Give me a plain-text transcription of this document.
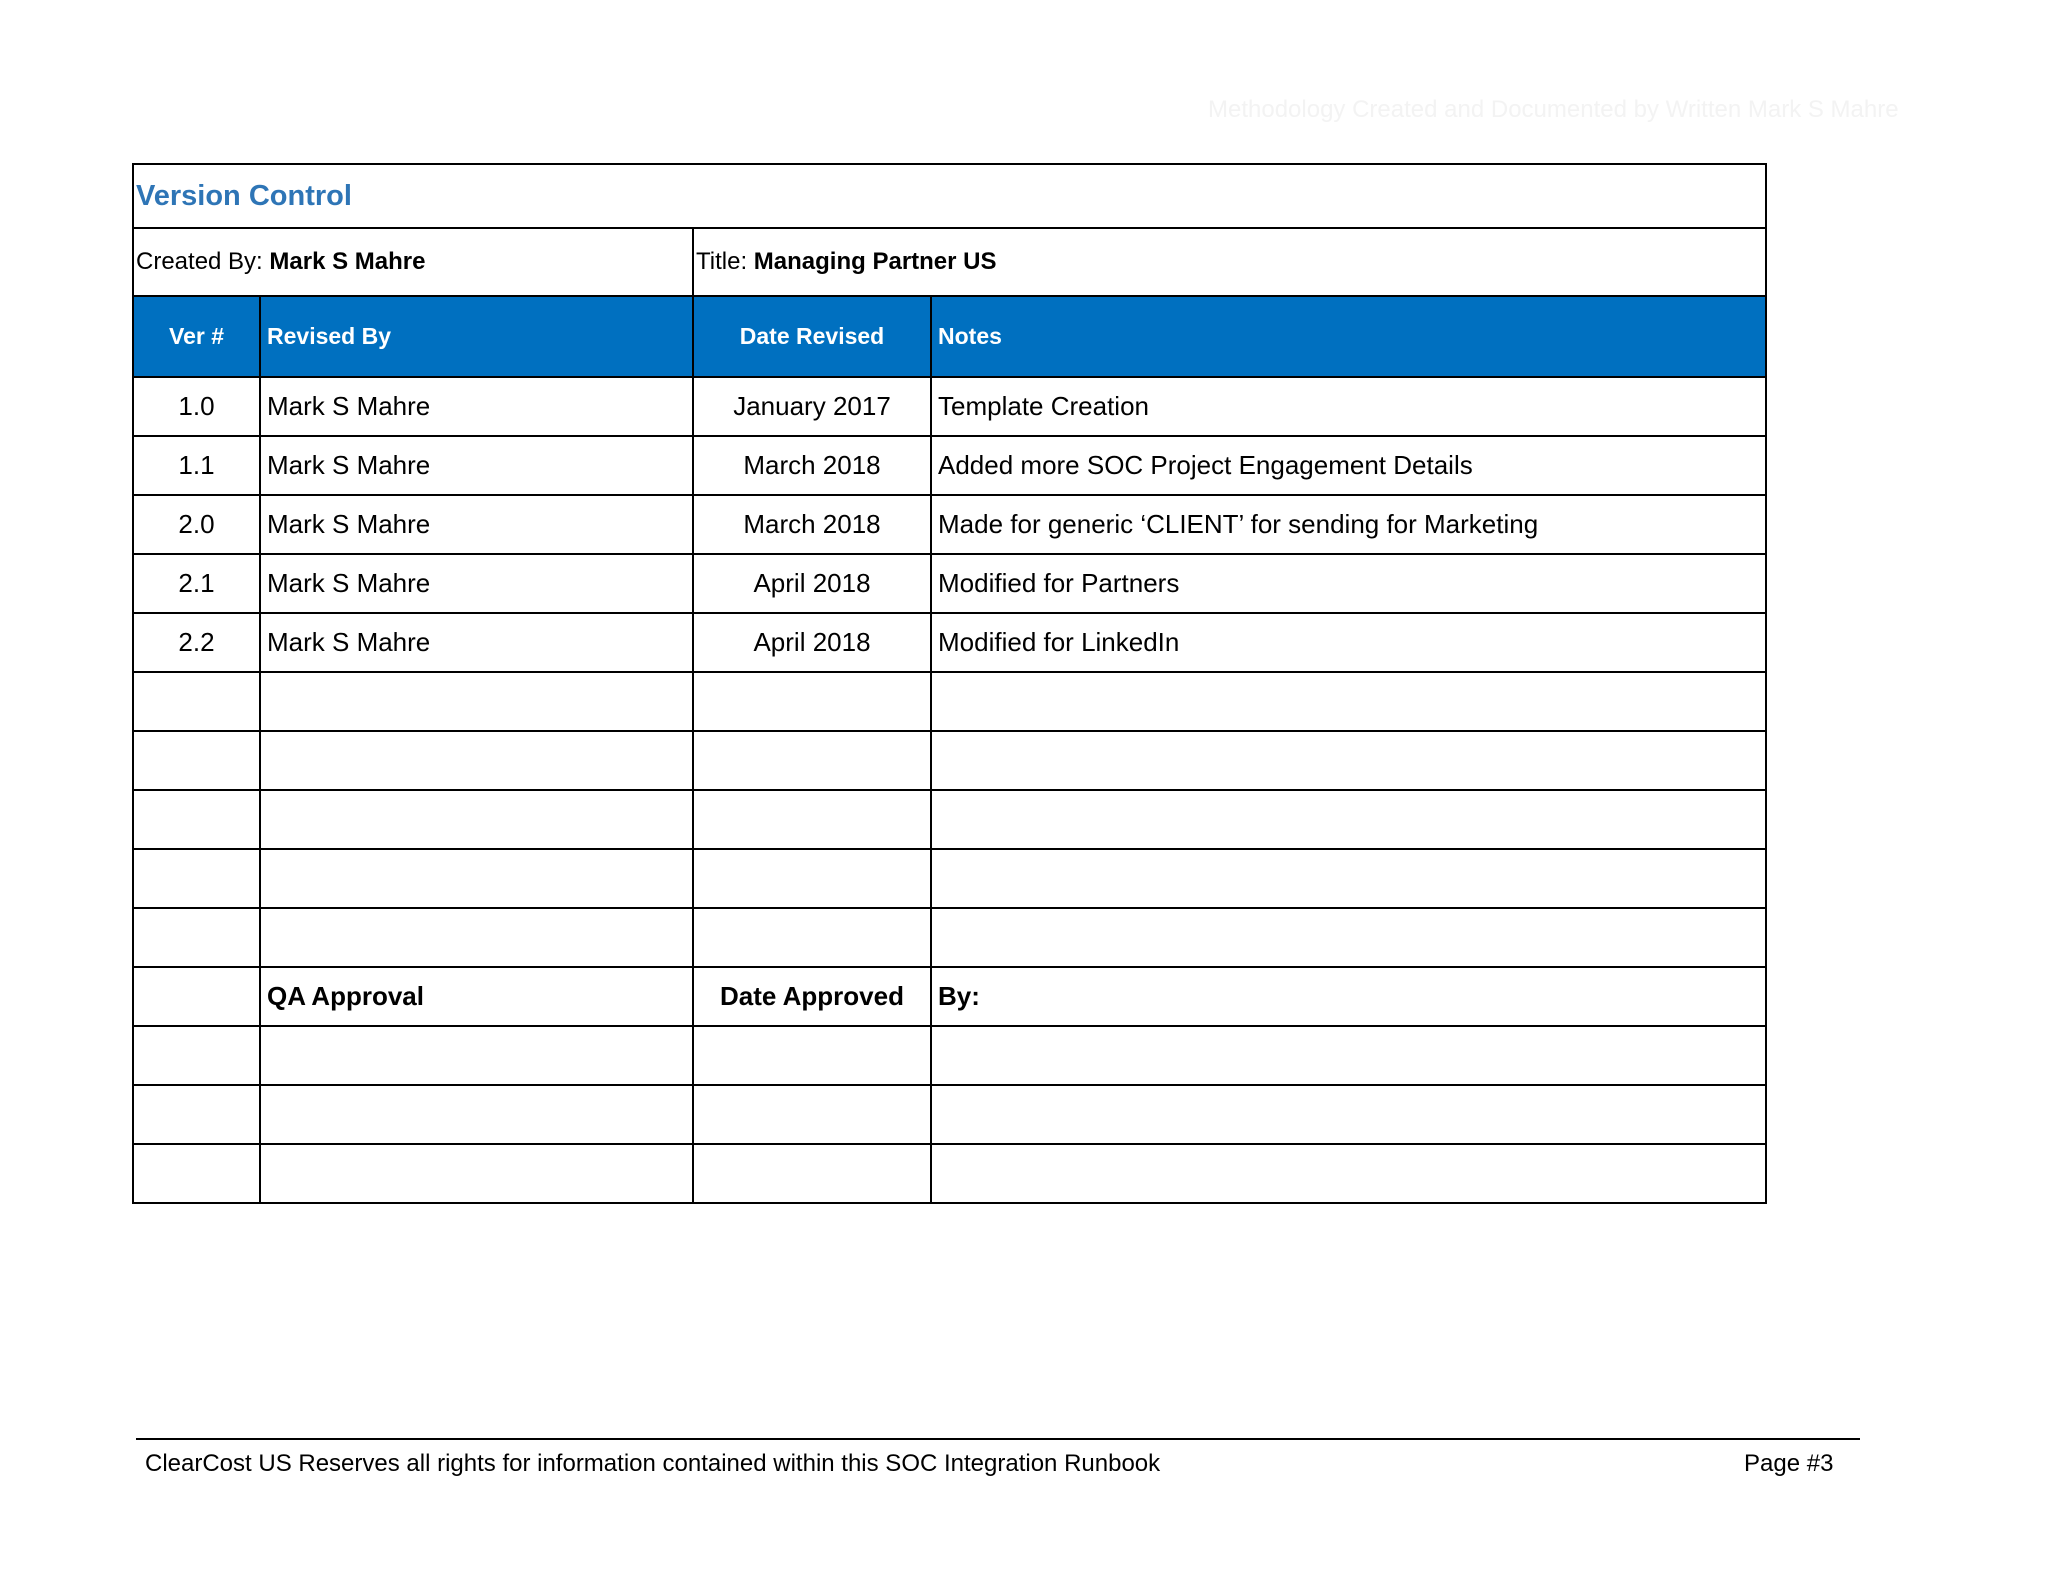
Methodology Created and Documented by Written Mark S Mahre
Version Control			
Created By: Mark S Mahre		Title: Managing Partner US	
Ver #	Revised By	Date Revised	Notes
1.0	Mark S Mahre	January 2017	Template Creation
1.1	Mark S Mahre	March 2018	Added more SOC Project Engagement Details
2.0	Mark S Mahre	March 2018	Made for generic ‘CLIENT’ for sending for Marketing
2.1	Mark S Mahre	April 2018	Modified for Partners
2.2	Mark S Mahre	April 2018	Modified for LinkedIn

	QA Approval	Date Approved	By:

ClearCost US Reserves all rights for information contained within this SOC Integration Runbook	Page #3
